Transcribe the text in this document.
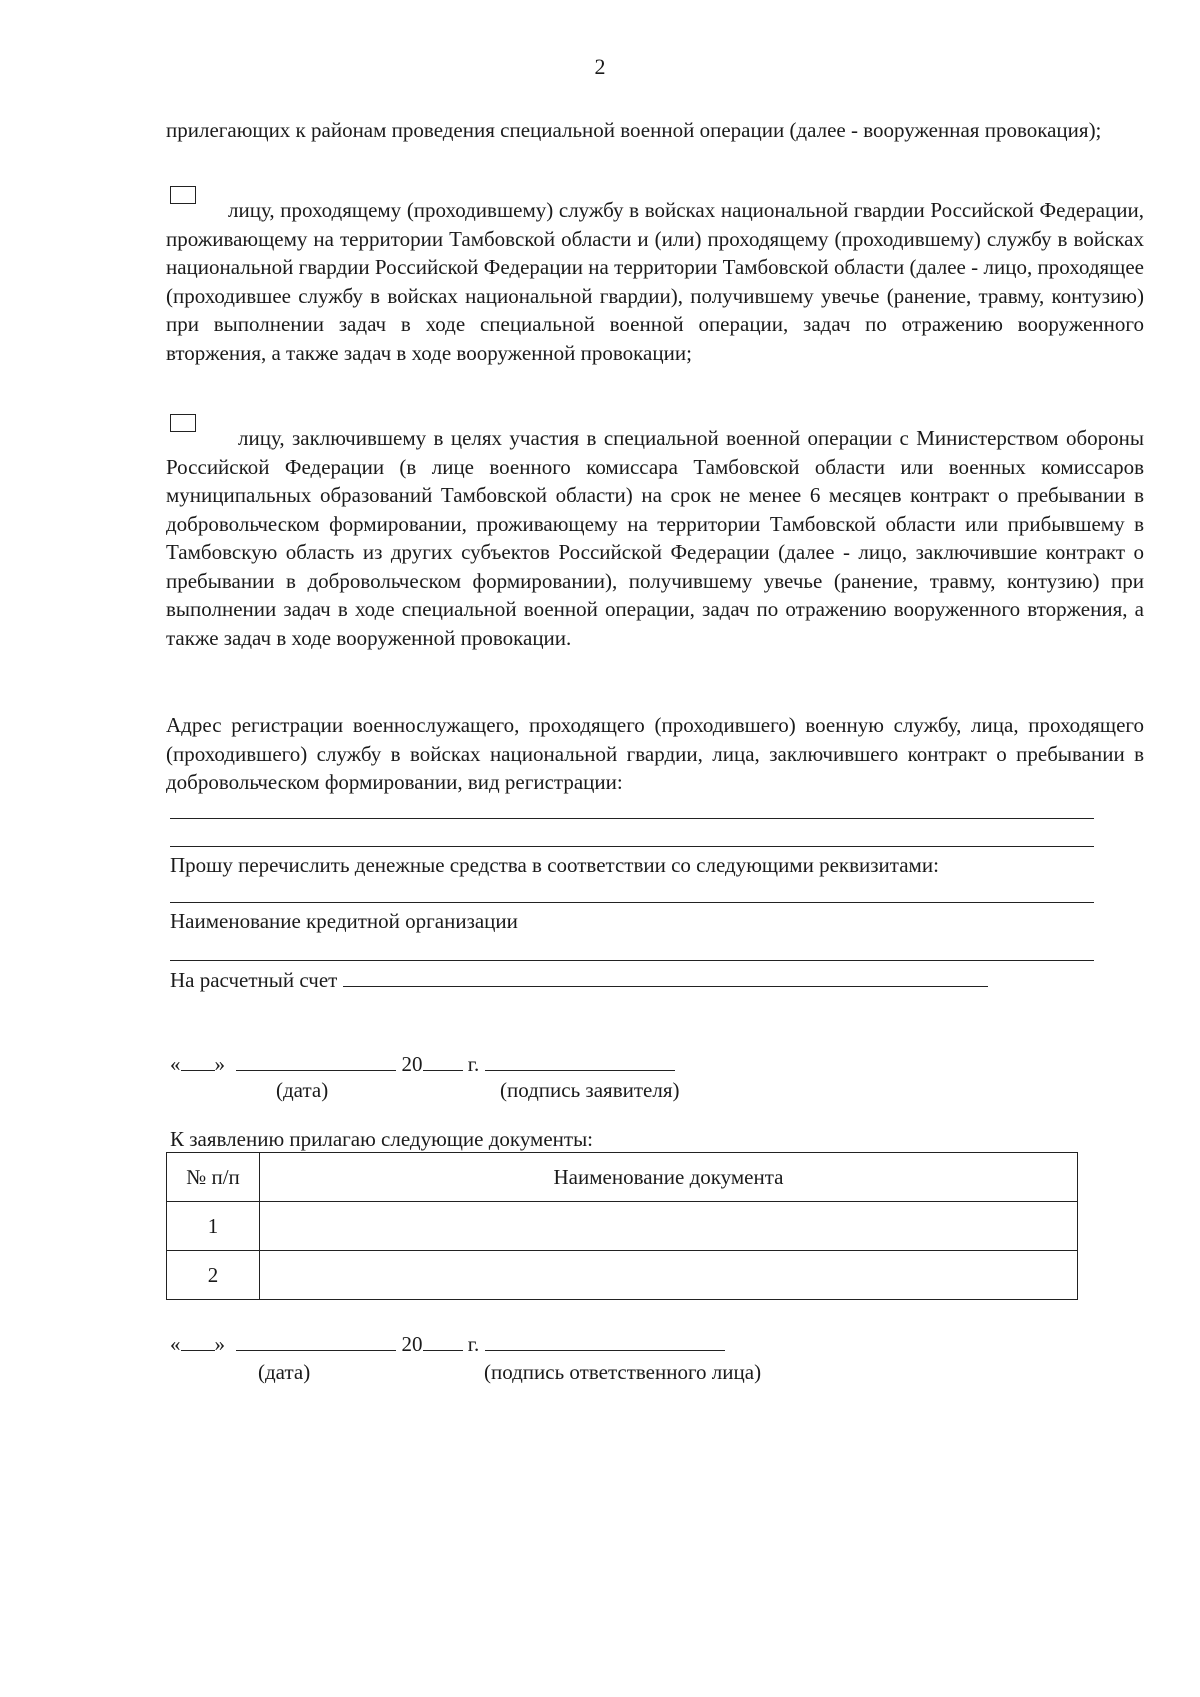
2

прилегающих к районам проведения специальной военной операции (далее - вооруженная провокация);

лицу, проходящему (проходившему) службу в войсках национальной гвардии Российской Федерации, проживающему на территории Тамбовской области и (или) проходящему (проходившему) службу в войсках национальной гвардии Российской Федерации на территории Тамбовской области (далее - лицо, проходящее (проходившее службу в войсках национальной гвардии), получившему увечье (ранение, травму, контузию) при выполнении задач в ходе специальной военной операции, задач по отражению вооруженного вторжения, а также задач в ходе вооруженной провокации;

лицу, заключившему в целях участия в специальной военной операции с Министерством обороны Российской Федерации (в лице военного комиссара Тамбовской области или военных комиссаров муниципальных образований Тамбовской области) на срок не менее 6 месяцев контракт о пребывании в добровольческом формировании, проживающему на территории Тамбовской области или прибывшему в Тамбовскую область из других субъектов Российской Федерации (далее - лицо, заключившие контракт о пребывании в добровольческом формировании), получившему увечье (ранение, травму, контузию) при выполнении задач в ходе специальной военной операции, задач по отражению вооруженного вторжения, а также задач в ходе вооруженной провокации.

Адрес регистрации военнослужащего, проходящего (проходившего) военную службу, лица, проходящего (проходившего) службу в войсках национальной гвардии, лица, заключившего контракт о пребывании в добровольческом формировании, вид регистрации:

Прошу перечислить денежные средства в соответствии со следующими реквизитами:
Наименование кредитной организации
На расчетный счет
« »	20 г.
(дата)	(подпись заявителя)
К заявлению прилагаю следующие документы:
№ п/п	Наименование документа
1	
2	
« »	20 г.
(дата)	(подпись ответственного лица)
